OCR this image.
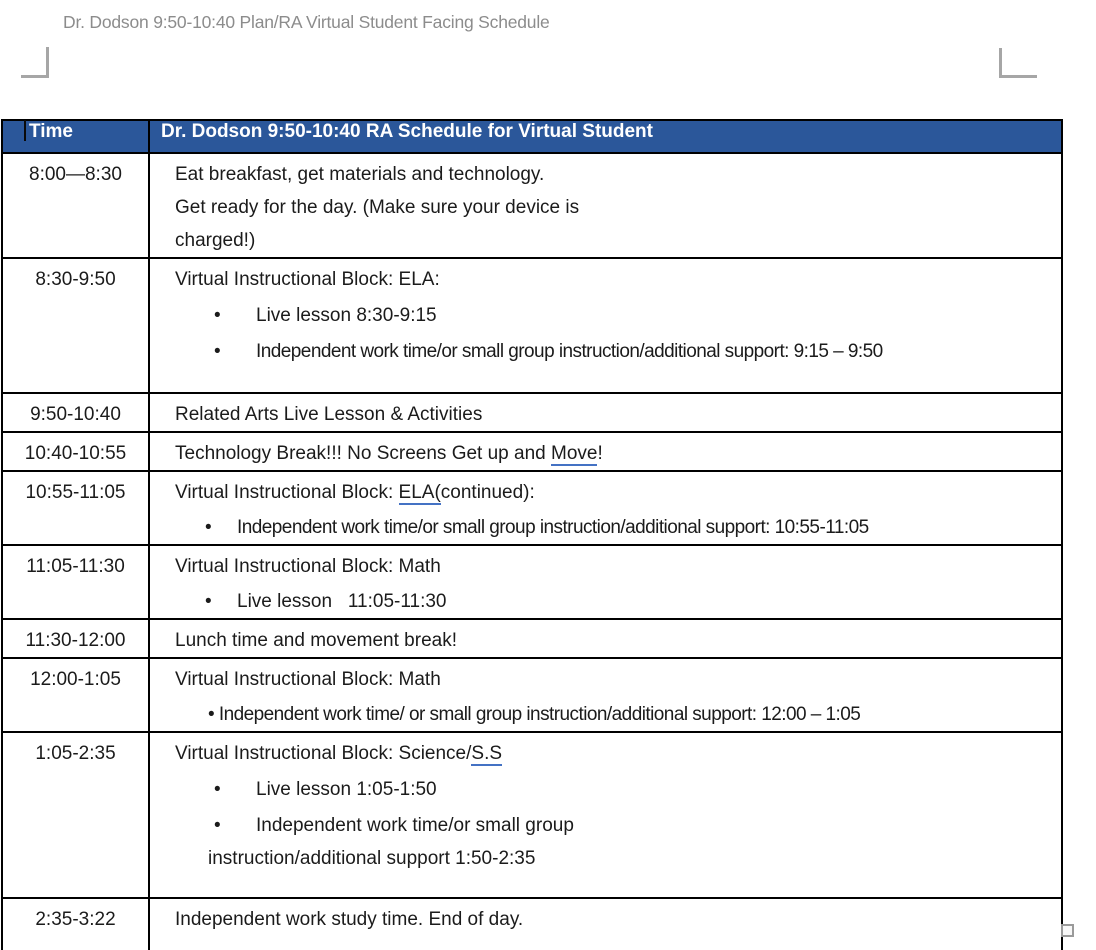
Dr. Dodson 9:50-10:40 Plan/RA Virtual Student Facing Schedule
Time	Dr. Dodson 9:50-10:40 RA Schedule for Virtual Student
8:00—8:30	Eat breakfast, get materials and technology.
Get ready for the day. (Make sure your device is
charged!)

8:30-9:50	Virtual Instructional Block: ELA:
• Live lesson 8:30-9:15
• Independent work time/or small group instruction/additional support: 9:15 – 9:50

9:50-10:40	Related Arts Live Lesson & Activities

10:40-10:55	Technology Break!!! No Screens Get up and Move!

10:55-11:05	Virtual Instructional Block: ELA(continued):
• Independent work time/or small group instruction/additional support: 10:55-11:05

11:05-11:30	Virtual Instructional Block: Math
• Live lesson   11:05-11:30

11:30-12:00	Lunch time and movement break!

12:00-1:05	Virtual Instructional Block: Math
• Independent work time/ or small group instruction/additional support: 12:00 – 1:05

1:05-2:35	Virtual Instructional Block: Science/S.S
• Live lesson 1:05-1:50
• Independent work time/or small group
instruction/additional support 1:50-2:35

2:35-3:22	Independent work study time. End of day.
